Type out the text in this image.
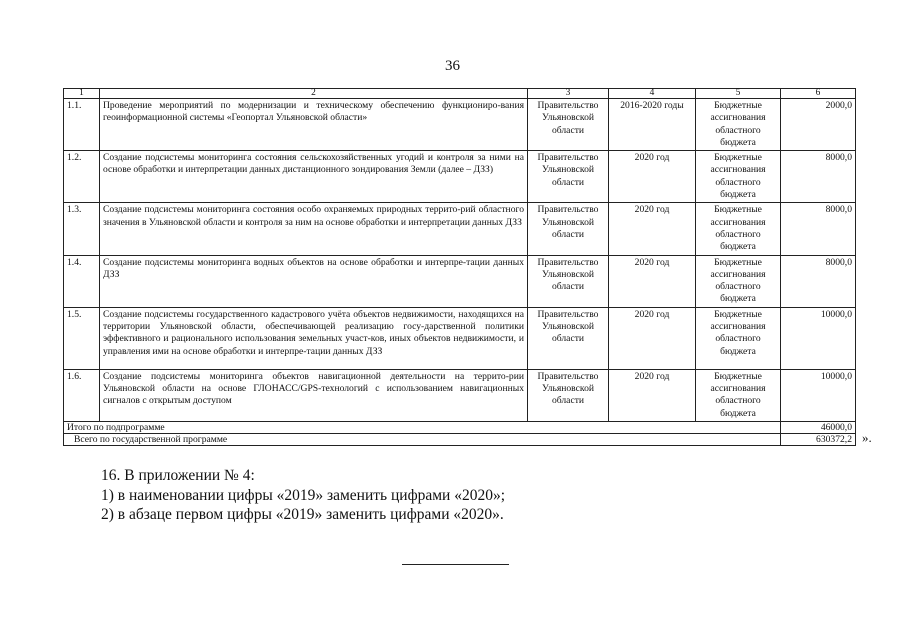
36
1	2	3	4	5	6
1.1.	Проведение мероприятий по модернизации и техническому обеспечению функциониро-вания геоинформационной системы «Геопортал Ульяновской области»	Правительство Ульяновской области	2016-2020 годы	Бюджетные ассигнования областного бюджета	2000,0
1.2.	Создание подсистемы мониторинга состояния сельскохозяйственных угодий и контроля за ними на основе обработки и интерпретации данных дистанционного зондирования Земли (далее – ДЗЗ)	Правительство Ульяновской области	2020 год	Бюджетные ассигнования областного бюджета	8000,0
1.3.	Создание подсистемы мониторинга состояния особо охраняемых природных террито-рий областного значения в Ульяновской области и контроля за ним на основе обработки и интерпретации данных ДЗЗ	Правительство Ульяновской области	2020 год	Бюджетные ассигнования областного бюджета	8000,0
1.4.	Создание подсистемы мониторинга водных объектов на основе обработки и интерпре-тации данных ДЗЗ	Правительство Ульяновской области	2020 год	Бюджетные ассигнования областного бюджета	8000,0
1.5.	Создание подсистемы государственного кадастрового учёта объектов недвижимости, находящихся на территории Ульяновской области, обеспечивающей реализацию госу-дарственной политики эффективного и рационального использования земельных участ-ков, иных объектов недвижимости, и управления ими на основе обработки и интерпре-тации данных ДЗЗ	Правительство Ульяновской области	2020 год	Бюджетные ассигнования областного бюджета	10000,0
1.6.	Создание подсистемы мониторинга объектов навигационной деятельности на террито-рии Ульяновской области на основе ГЛОНАСС/GPS-технологий с использованием навигационных сигналов с открытым доступом	Правительство Ульяновской области	2020 год	Бюджетные ассигнования областного бюджета	10000,0
Итого по подпрограмме					46000,0
Всего по государственной программе					630372,2 ».
16. В приложении № 4:
1) в наименовании цифры «2019» заменить цифрами «2020»;
2) в абзаце первом цифры «2019» заменить цифрами «2020».
